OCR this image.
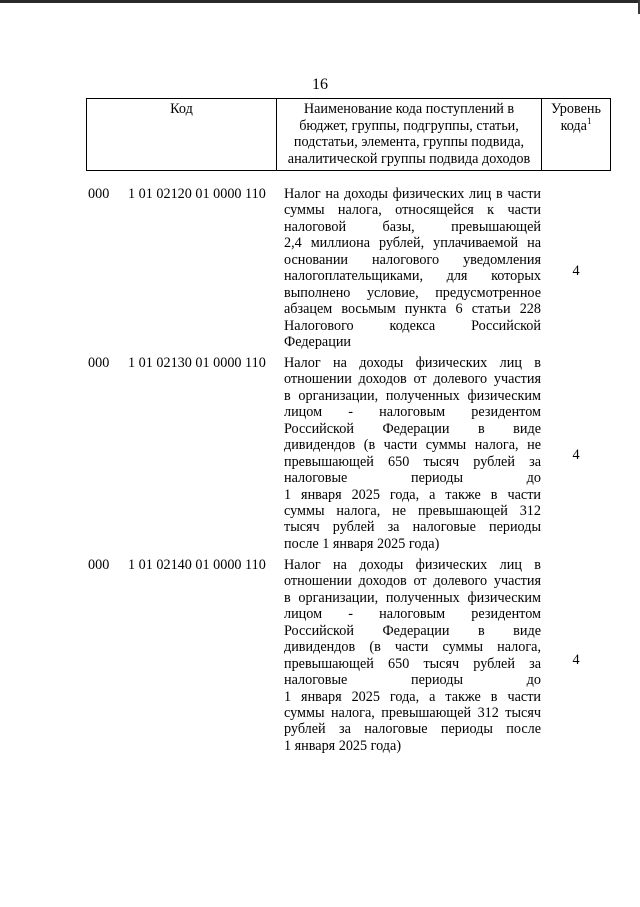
16
Код	Наименование кода поступлений в
бюджет, группы, подгруппы, статьи,
подстатьи, элемента, группы подвида,
аналитической группы подвида доходов
Уровень
кода$^1$
000	1 01 02120 01 0000 110	Налог на доходы физических лиц в части
суммы налога, относящейся к части
налоговой базы, превышающей
2,4 миллиона рублей, уплачиваемой на
основании налогового уведомления
налогоплательщиками, для которых
выполнено условие, предусмотренное
абзацем восьмым пункта 6 статьи 228
Налогового кодекса Российской
Федерации
4
000	1 01 02130 01 0000 110	Налог на доходы физических лиц в
отношении доходов от долевого участия
в организации, полученных физическим
лицом - налоговым резидентом
Российской Федерации в виде
дивидендов (в части суммы налога, не
превышающей 650 тысяч рублей за
налоговые периоды до
1 января 2025 года, а также в части
суммы налога, не превышающей 312
тысяч рублей за налоговые периоды
после 1 января 2025 года)
4
000	1 01 02140 01 0000 110	Налог на доходы физических лиц в
отношении доходов от долевого участия
в организации, полученных физическим
лицом - налоговым резидентом
Российской Федерации в виде
дивидендов (в части суммы налога,
превышающей 650 тысяч рублей за
налоговые периоды до
1 января 2025 года, а также в части
суммы налога, превышающей 312 тысяч
рублей за налоговые периоды после
1 января 2025 года)
4
